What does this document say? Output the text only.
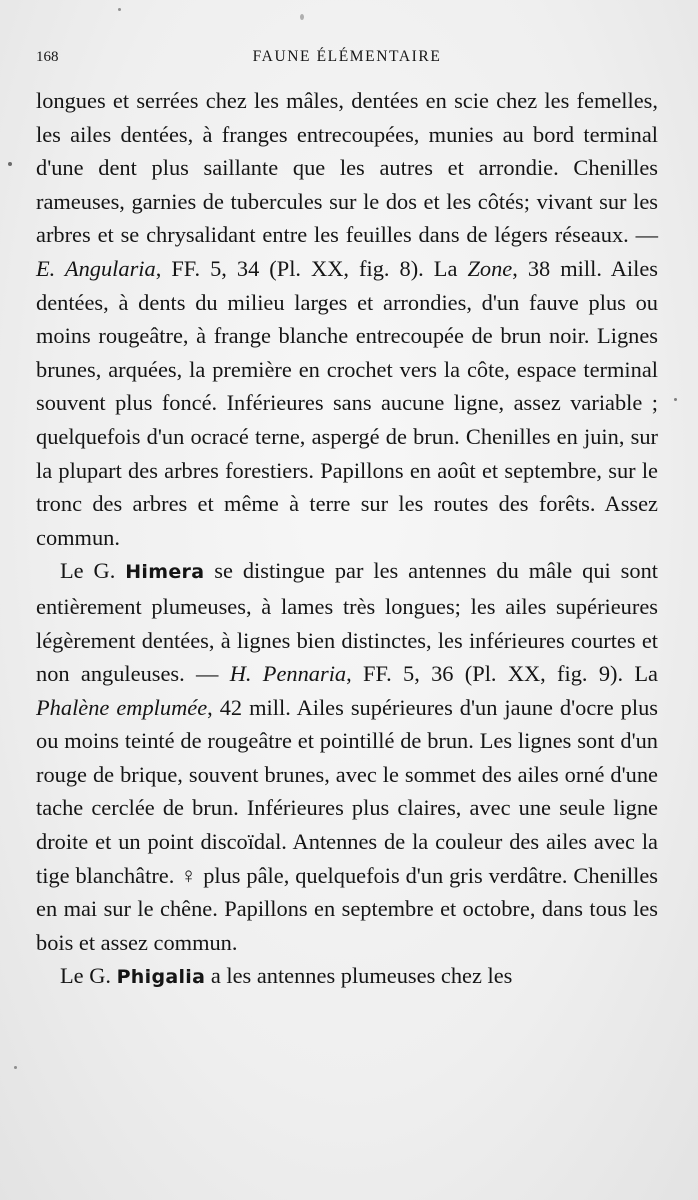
168	FAUNE ÉLÉMENTAIRE

longues et serrées chez les mâles, dentées en scie chez les femelles, les ailes dentées, à franges entrecoupées, munies au bord terminal d'une dent plus saillante que les autres et arrondie. Chenilles rameuses, garnies de tubercules sur le dos et les côtés; vivant sur les arbres et se chrysalidant entre les feuilles dans de légers réseaux. — E. Angularia, FF. 5, 34 (Pl. XX, fig. 8). La Zone, 38 mill. Ailes dentées, à dents du milieu larges et arrondies, d'un fauve plus ou moins rougeâtre, à frange blanche entrecoupée de brun noir. Lignes brunes, arquées, la première en crochet vers la côte, espace terminal souvent plus foncé. Inférieures sans aucune ligne, assez variable ; quelquefois d'un ocracé terne, aspergé de brun. Chenilles en juin, sur la plupart des arbres forestiers. Papillons en août et septembre, sur le tronc des arbres et même à terre sur les routes des forêts. Assez commun.

Le G. Himera se distingue par les antennes du mâle qui sont entièrement plumeuses, à lames très longues; les ailes supérieures légèrement dentées, à lignes bien distinctes, les inférieures courtes et non anguleuses. — H. Pennaria, FF. 5, 36 (Pl. XX, fig. 9). La Phalène emplumée, 42 mill. Ailes supérieures d'un jaune d'ocre plus ou moins teinté de rougeâtre et pointillé de brun. Les lignes sont d'un rouge de brique, souvent brunes, avec le sommet des ailes orné d'une tache cerclée de brun. Inférieures plus claires, avec une seule ligne droite et un point discoïdal. Antennes de la couleur des ailes avec la tige blanchâtre. ♀ plus pâle, quelquefois d'un gris verdâtre. Chenilles en mai sur le chêne. Papillons en septembre et octobre, dans tous les bois et assez commun.

Le G. Phigalia a les antennes plumeuses chez les
